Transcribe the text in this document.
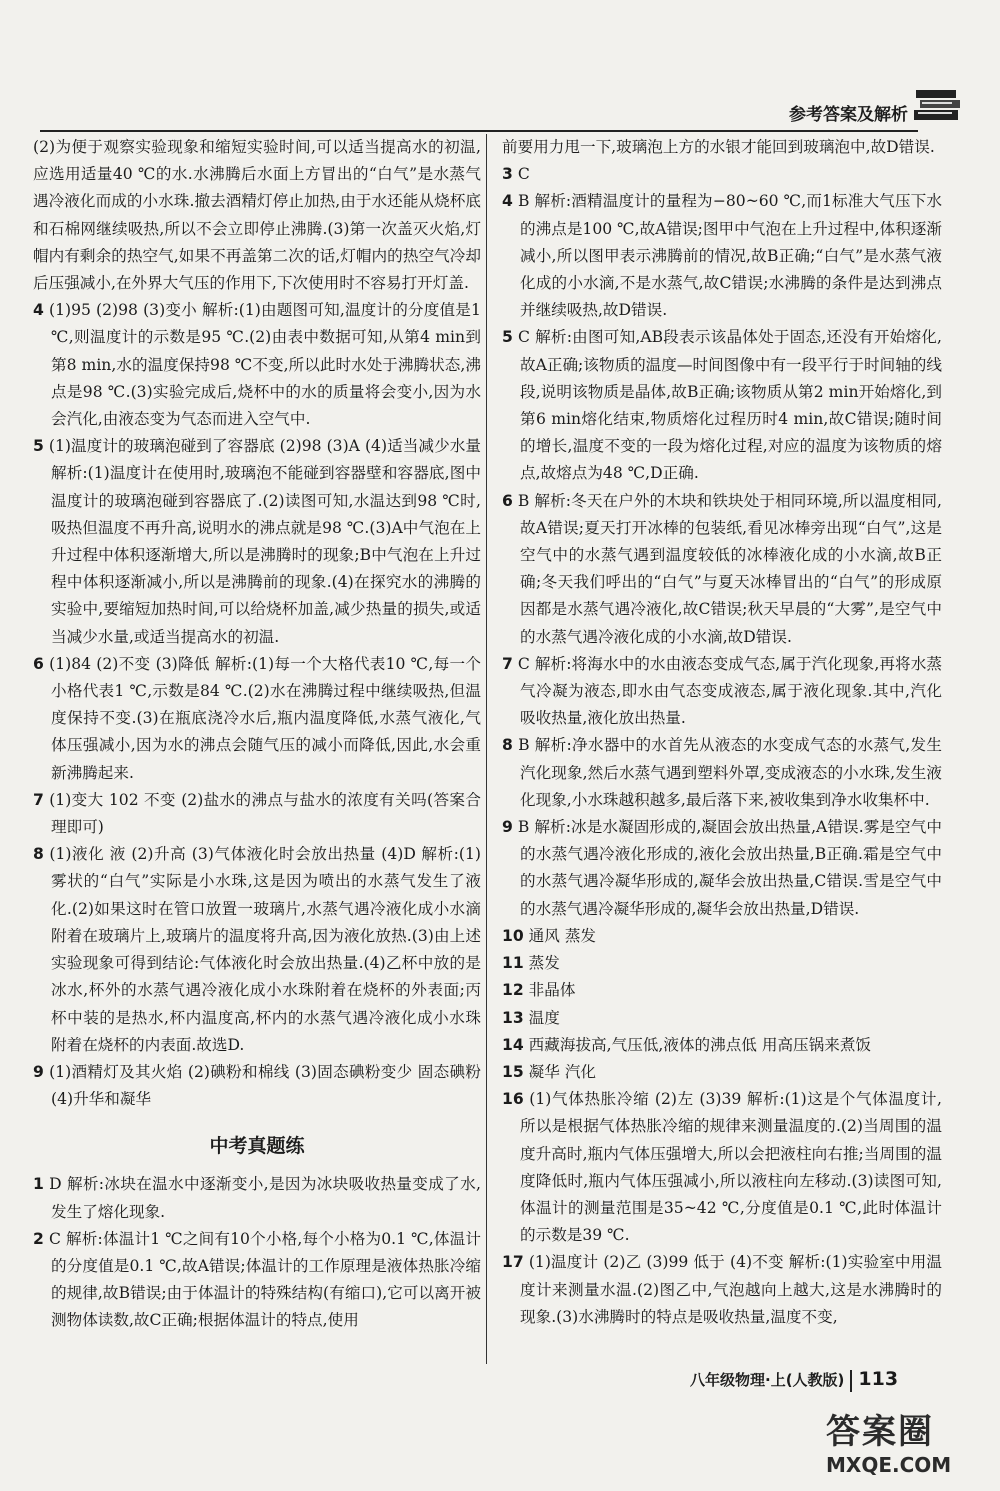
参考答案及解析

(2)为便于观察实验现象和缩短实验时间,可以适当提高水的初温,应选用适量40 ℃的水.水沸腾后水面上方冒出的“白气”是水蒸气遇冷液化而成的小水珠.撤去酒精灯停止加热,由于水还能从烧杯底和石棉网继续吸热,所以不会立即停止沸腾.(3)第一次盖灭火焰,灯帽内有剩余的热空气,如果不再盖第二次的话,灯帽内的热空气冷却后压强减小,在外界大气压的作用下,下次使用时不容易打开灯盖.

4 (1)95 (2)98 (3)变小 解析:(1)由题图可知,温度计的分度值是1 ℃,则温度计的示数是95 ℃.(2)由表中数据可知,从第4 min到第8 min,水的温度保持98 ℃不变,所以此时水处于沸腾状态,沸点是98 ℃.(3)实验完成后,烧杯中的水的质量将会变小,因为水会汽化,由液态变为气态而进入空气中.

5 (1)温度计的玻璃泡碰到了容器底 (2)98 (3)A (4)适当减少水量 解析:(1)温度计在使用时,玻璃泡不能碰到容器壁和容器底,图中温度计的玻璃泡碰到容器底了.(2)读图可知,水温达到98 ℃时,吸热但温度不再升高,说明水的沸点就是98 ℃.(3)A中气泡在上升过程中体积逐渐增大,所以是沸腾时的现象;B中气泡在上升过程中体积逐渐减小,所以是沸腾前的现象.(4)在探究水的沸腾的实验中,要缩短加热时间,可以给烧杯加盖,减少热量的损失,或适当减少水量,或适当提高水的初温.

6 (1)84 (2)不变 (3)降低 解析:(1)每一个大格代表10 ℃,每一个小格代表1 ℃,示数是84 ℃.(2)水在沸腾过程中继续吸热,但温度保持不变.(3)在瓶底浇冷水后,瓶内温度降低,水蒸气液化,气体压强减小,因为水的沸点会随气压的减小而降低,因此,水会重新沸腾起来.

7 (1)变大 102 不变 (2)盐水的沸点与盐水的浓度有关吗(答案合理即可)

8 (1)液化 液 (2)升高 (3)气体液化时会放出热量 (4)D 解析:(1)雾状的“白气”实际是小水珠,这是因为喷出的水蒸气发生了液化.(2)如果这时在管口放置一玻璃片,水蒸气遇冷液化成小水滴附着在玻璃片上,玻璃片的温度将升高,因为液化放热.(3)由上述实验现象可得到结论:气体液化时会放出热量.(4)乙杯中放的是冰水,杯外的水蒸气遇冷液化成小水珠附着在烧杯的外表面;丙杯中装的是热水,杯内温度高,杯内的水蒸气遇冷液化成小水珠附着在烧杯的内表面.故选D.

9 (1)酒精灯及其火焰 (2)碘粉和棉线 (3)固态碘粉变少 固态碘粉 (4)升华和凝华

中考真题练

1 D 解析:冰块在温水中逐渐变小,是因为冰块吸收热量变成了水,发生了熔化现象.

2 C 解析:体温计1 ℃之间有10个小格,每个小格为0.1 ℃,体温计的分度值是0.1 ℃,故A错误;体温计的工作原理是液体热胀冷缩的规律,故B错误;由于体温计的特殊结构(有缩口),它可以离开被测物体读数,故C正确;根据体温计的特点,使用

前要用力甩一下,玻璃泡上方的水银才能回到玻璃泡中,故D错误.

3 C

4 B 解析:酒精温度计的量程为−80~60 ℃,而1标准大气压下水的沸点是100 ℃,故A错误;图甲中气泡在上升过程中,体积逐渐减小,所以图甲表示沸腾前的情况,故B正确;“白气”是水蒸气液化成的小水滴,不是水蒸气,故C错误;水沸腾的条件是达到沸点并继续吸热,故D错误.

5 C 解析:由图可知,AB段表示该晶体处于固态,还没有开始熔化,故A正确;该物质的温度—时间图像中有一段平行于时间轴的线段,说明该物质是晶体,故B正确;该物质从第2 min开始熔化,到第6 min熔化结束,物质熔化过程历时4 min,故C错误;随时间的增长,温度不变的一段为熔化过程,对应的温度为该物质的熔点,故熔点为48 ℃,D正确.

6 B 解析:冬天在户外的木块和铁块处于相同环境,所以温度相同,故A错误;夏天打开冰棒的包装纸,看见冰棒旁出现“白气”,这是空气中的水蒸气遇到温度较低的冰棒液化成的小水滴,故B正确;冬天我们呼出的“白气”与夏天冰棒冒出的“白气”的形成原因都是水蒸气遇冷液化,故C错误;秋天早晨的“大雾”,是空气中的水蒸气遇冷液化成的小水滴,故D错误.

7 C 解析:将海水中的水由液态变成气态,属于汽化现象,再将水蒸气冷凝为液态,即水由气态变成液态,属于液化现象.其中,汽化吸收热量,液化放出热量.

8 B 解析:净水器中的水首先从液态的水变成气态的水蒸气,发生汽化现象,然后水蒸气遇到塑料外罩,变成液态的小水珠,发生液化现象,小水珠越积越多,最后落下来,被收集到净水收集杯中.

9 B 解析:冰是水凝固形成的,凝固会放出热量,A错误.雾是空气中的水蒸气遇冷液化形成的,液化会放出热量,B正确.霜是空气中的水蒸气遇冷凝华形成的,凝华会放出热量,C错误.雪是空气中的水蒸气遇冷凝华形成的,凝华会放出热量,D错误.

10 通风 蒸发

11 蒸发

12 非晶体

13 温度

14 西藏海拔高,气压低,液体的沸点低 用高压锅来煮饭

15 凝华 汽化

16 (1)气体热胀冷缩 (2)左 (3)39 解析:(1)这是个气体温度计,所以是根据气体热胀冷缩的规律来测量温度的.(2)当周围的温度升高时,瓶内气体压强增大,所以会把液柱向右推;当周围的温度降低时,瓶内气体压强减小,所以液柱向左移动.(3)读图可知,体温计的测量范围是35~42 ℃,分度值是0.1 ℃,此时体温计的示数是39 ℃.

17 (1)温度计 (2)乙 (3)99 低于 (4)不变 解析:(1)实验室中用温度计来测量水温.(2)图乙中,气泡越向上越大,这是水沸腾时的现象.(3)水沸腾时的特点是吸收热量,温度不变,

八年级物理·上(人教版) 113
答案圈
MXQE.COM
